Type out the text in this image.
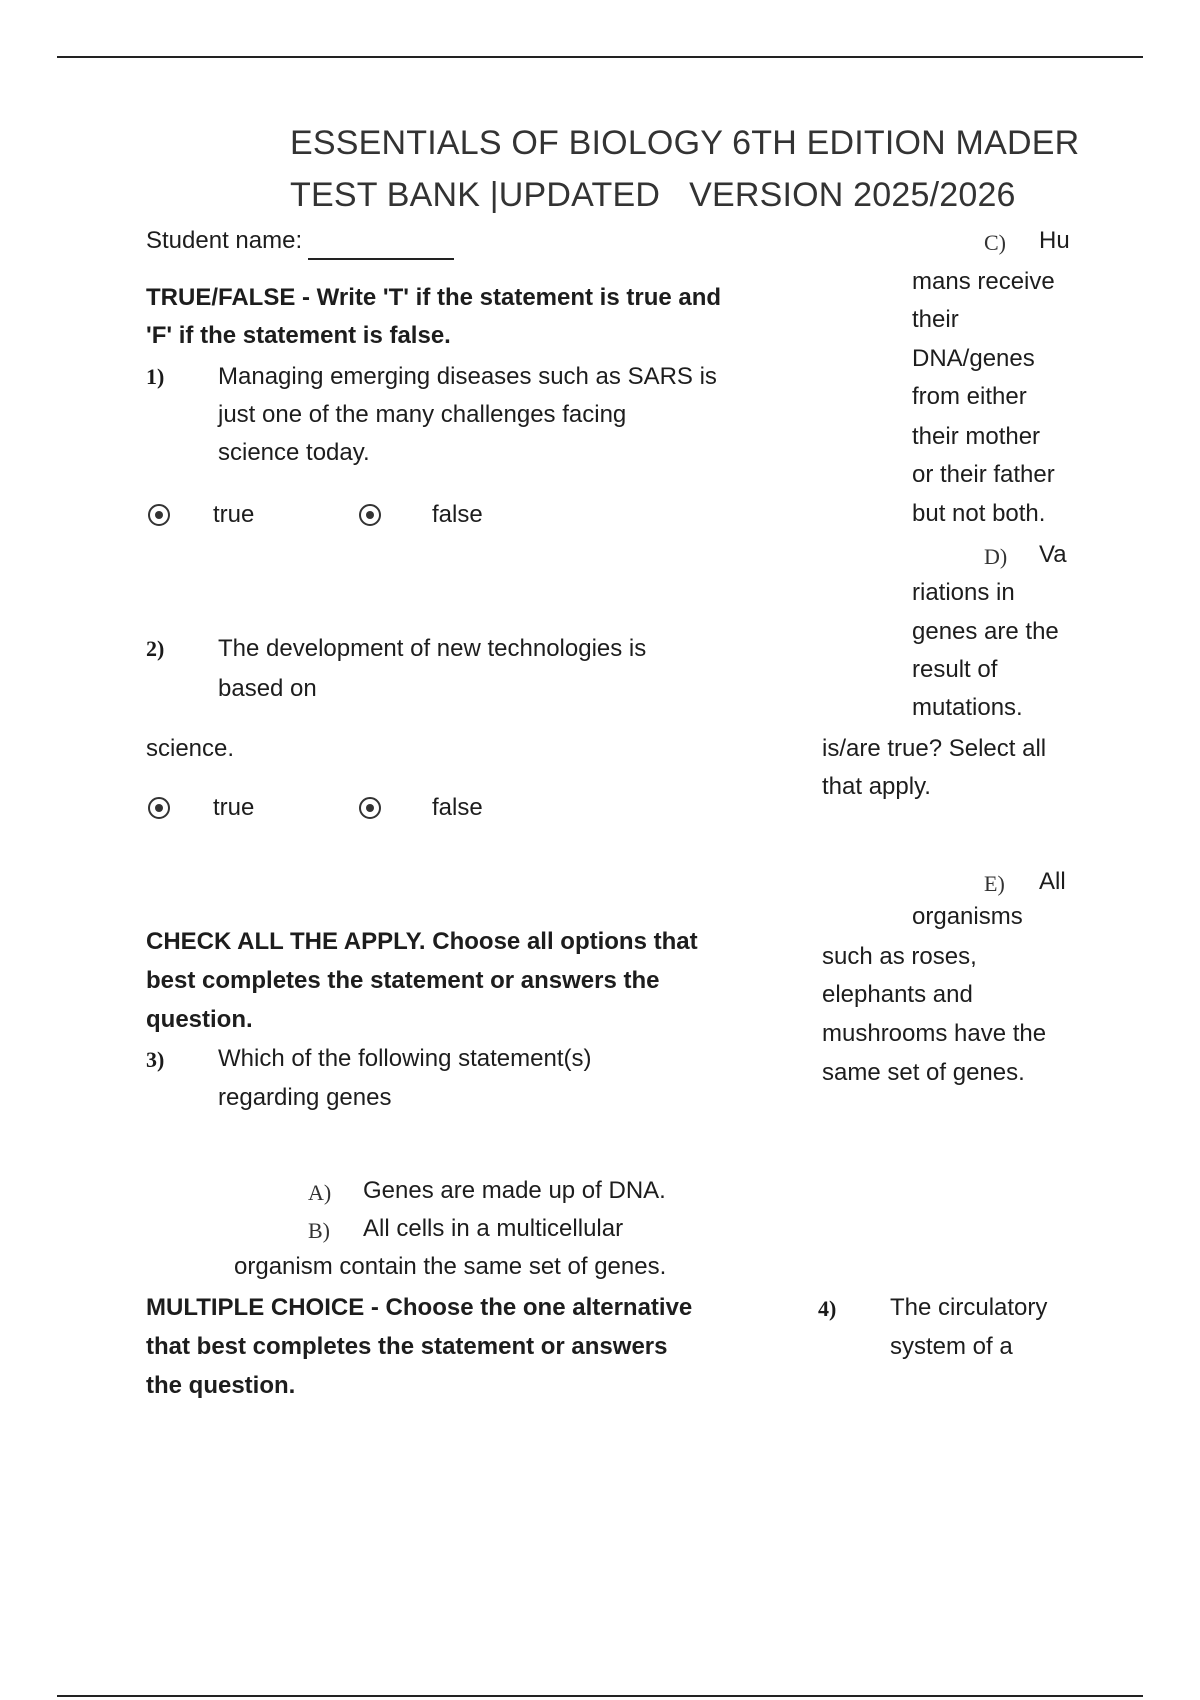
ESSENTIALS OF BIOLOGY 6TH EDITION MADER
TEST BANK |UPDATED   VERSION 2025/2026
Student name:
TRUE/FALSE - Write 'T' if the statement is true and
'F' if the statement is false.
1) Managing emerging diseases such as SARS is
just one of the many challenges facing
science today.
true	false
2) The development of new technologies is
based on
science.
true	false
CHECK ALL THE APPLY. Choose all options that
best completes the statement or answers the
question.
3) Which of the following statement(s)
regarding genes
A) Genes are made up of DNA.
B) All cells in a multicellular
organism contain the same set of genes.
MULTIPLE CHOICE - Choose the one alternative
that best completes the statement or answers
the question.
C) Hu
mans receive
their
DNA/genes
from either
their mother
or their father
but not both.
D) Va
riations in
genes are the
result of
mutations.
is/are true? Select all
that apply.
E) All
organisms
such as roses,
elephants and
mushrooms have the
same set of genes.
4) The circulatory
system of a
